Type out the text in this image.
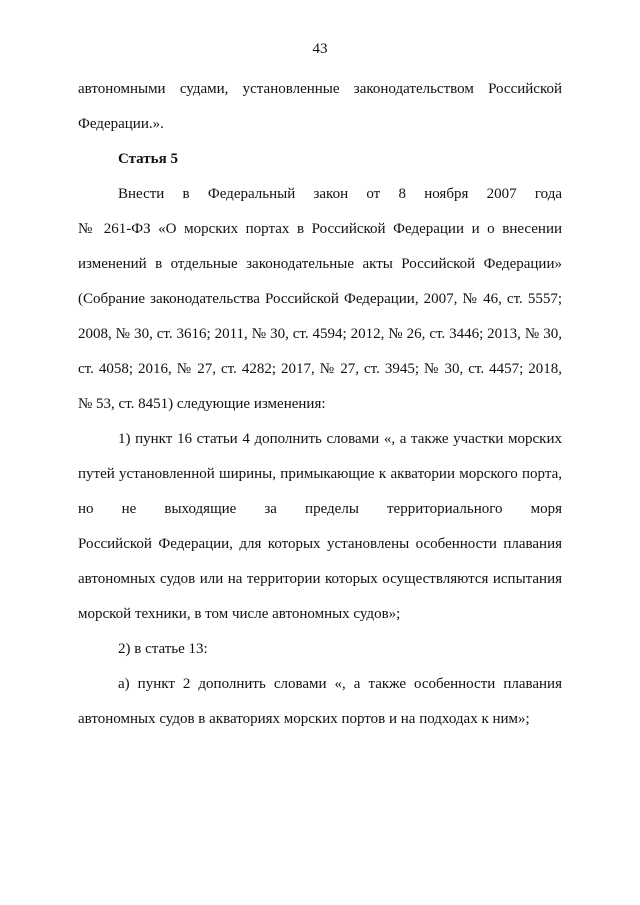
43
автономными судами, установленные законодательством Российской
Федерации.».
Статья 5
Внести в Федеральный закон от 8 ноября 2007 года
№ 261-ФЗ «О морских портах в Российской Федерации и о внесении
изменений в отдельные законодательные акты Российской Федерации»
(Собрание законодательства Российской Федерации, 2007, № 46, ст. 5557;
2008, № 30, ст. 3616; 2011, № 30, ст. 4594; 2012, № 26, ст. 3446; 2013, № 30,
ст. 4058; 2016, № 27, ст. 4282; 2017, № 27, ст. 3945; № 30, ст. 4457; 2018,
№ 53, ст. 8451) следующие изменения:
1) пункт 16 статьи 4 дополнить словами «, а также участки морских
путей установленной ширины, примыкающие к акватории морского порта,
но не выходящие за пределы территориального моря
Российской Федерации, для которых установлены особенности плавания
автономных судов или на территории которых осуществляются испытания
морской техники, в том числе автономных судов»;
2) в статье 13:
а) пункт 2 дополнить словами «, а также особенности плавания
автономных судов в акваториях морских портов и на подходах к ним»;
